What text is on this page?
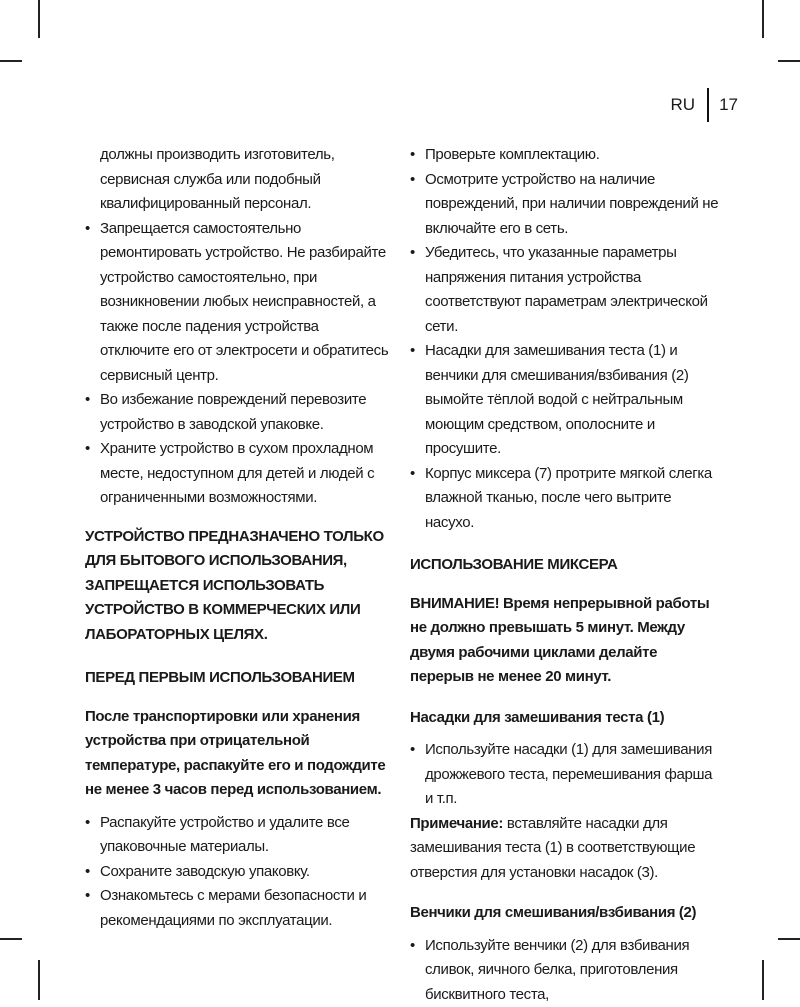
RU 17
должны производить изготовитель, сервисная служба или подобный квалифицированный персонал.
• Запрещается самостоятельно ремонтировать устройство. Не разбирайте устройство самостоятельно, при возникновении любых неисправностей, а также после падения устройства отключите его от электросети и обратитесь сервисный центр.
• Во избежание повреждений перевозите устройство в заводской упаковке.
• Храните устройство в сухом прохладном месте, недоступном для детей и людей с ограниченными возможностями.
УСТРОЙСТВО ПРЕДНАЗНАЧЕНО ТОЛЬКО ДЛЯ БЫТОВОГО ИСПОЛЬЗОВАНИЯ, ЗАПРЕЩАЕТСЯ ИСПОЛЬЗОВАТЬ УСТРОЙСТВО В КОММЕРЧЕСКИХ ИЛИ ЛАБОРАТОРНЫХ ЦЕЛЯХ.
ПЕРЕД ПЕРВЫМ ИСПОЛЬЗОВАНИЕМ
После транспортировки или хранения устройства при отрицательной температуре, распакуйте его и подождите не менее 3 часов перед использованием.
• Распакуйте устройство и удалите все упаковочные материалы.
• Сохраните заводскую упаковку.
• Ознакомьтесь с мерами безопасности и рекомендациями по эксплуатации.
• Проверьте комплектацию.
• Осмотрите устройство на наличие повреждений, при наличии повреждений не включайте его в сеть.
• Убедитесь, что указанные параметры напряжения питания устройства соответствуют параметрам электрической сети.
• Насадки для замешивания теста (1) и венчики для смешивания/взбивания (2) вымойте тёплой водой с нейтральным моющим средством, ополосните и просушите.
• Корпус миксера (7) протрите мягкой слегка влажной тканью, после чего вытрите насухо.
ИСПОЛЬЗОВАНИЕ МИКСЕРА
ВНИМАНИЕ! Время непрерывной работы не должно превышать 5 минут. Между двумя рабочими циклами делайте перерыв не менее 20 минут.
Насадки для замешивания теста (1)
• Используйте насадки (1) для замешивания дрожжевого теста, перемешивания фарша и т.п.
Примечание: вставляйте насадки для замешивания теста (1) в соответствующие отверстия для установки насадок (3).
Венчики для смешивания/взбивания (2)
• Используйте венчики (2) для взбивания сливок, яичного белка, приготовления бисквитного теста,
